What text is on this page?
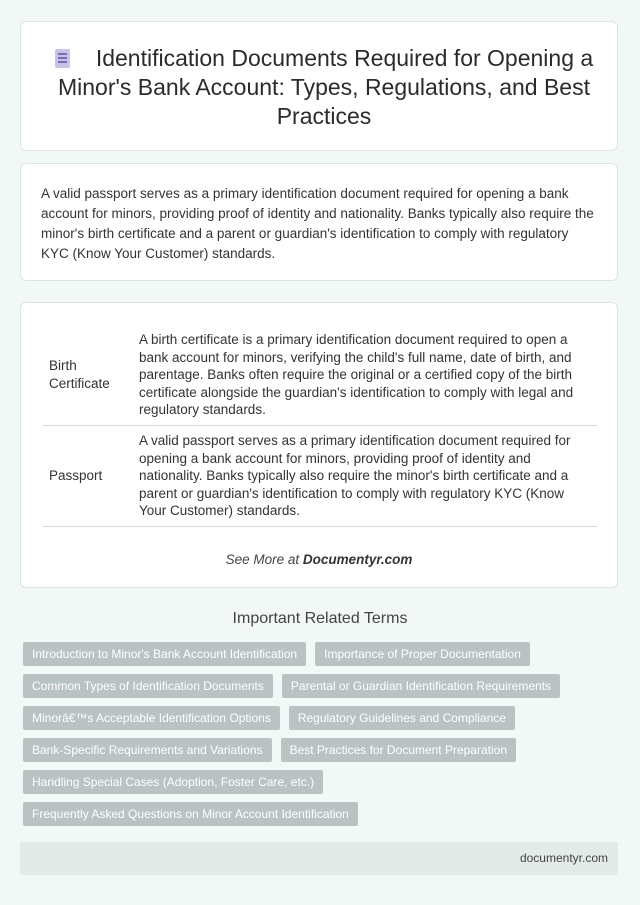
Identification Documents Required for Opening a Minor's Bank Account: Types, Regulations, and Best Practices

A valid passport serves as a primary identification document required for opening a bank account for minors, providing proof of identity and nationality. Banks typically also require the minor's birth certificate and a parent or guardian's identification to comply with regulatory KYC (Know Your Customer) standards.

Birth Certificate	A birth certificate is a primary identification document required to open a bank account for minors, verifying the child's full name, date of birth, and parentage. Banks often require the original or a certified copy of the birth certificate alongside the guardian's identification to comply with legal and regulatory standards.
Passport	A valid passport serves as a primary identification document required for opening a bank account for minors, providing proof of identity and nationality. Banks typically also require the minor's birth certificate and a parent or guardian's identification to comply with regulatory KYC (Know Your Customer) standards.
See More at Documentyr.com
Important Related Terms
Introduction to Minor's Bank Account Identification	Importance of Proper Documentation
Common Types of Identification Documents	Parental or Guardian Identification Requirements
Minorâ€™s Acceptable Identification Options	Regulatory Guidelines and Compliance
Bank-Specific Requirements and Variations	Best Practices for Document Preparation
Handling Special Cases (Adoption, Foster Care, etc.)
Frequently Asked Questions on Minor Account Identification
documentyr.com
